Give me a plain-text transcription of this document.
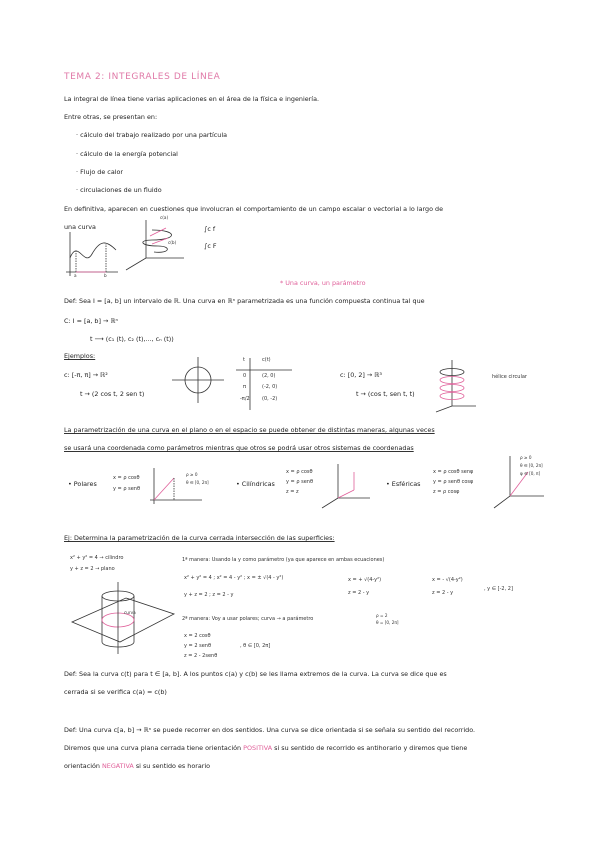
TEMA 2: INTEGRALES DE LÍNEA
La integral de línea tiene varias aplicaciones en el área de la física e ingeniería.
Entre otras, se presentan en:
· cálculo del trabajo realizado por una partícula
· cálculo de la energía potencial
· Flujo de calor
· circulaciones de un fluido
En definitiva, aparecen en cuestiones que involucran el comportamiento de un campo escalar o vectorial a lo largo de
una curva
a	b
c(a)
c(b)
∫c f
∫c F
* Una curva, un parámetro
Def: Sea I = [a, b] un intervalo de ℝ. Una curva en ℝⁿ parametrizada es una función compuesta continua tal que
C: I = [a, b] → ℝⁿ
t ⟶ (c₁ (t), c₂ (t),..., cₙ (t))
Ejemplos:
c: [-π, π] → ℝ²
t → (2 cos t, 2 sen t)
t	c(t)
0	(2, 0)
π	(-2, 0)
-π/2 (0, -2)
c: [0, 2] → ℝ³
t → (cos t, sen t, t)
hélice circular
La parametrización de una curva en el plano o en el espacio se puede obtener de distintas maneras, algunas veces
se usará una coordenada como parámetros mientras que otros se podrá usar otros sistemas de coordenadas
• Polares
x = ρ cosθ
y = ρ senθ
ρ ≥ 0
θ ∈ [0, 2π]	• Cilíndricas
x = ρ cosθ
y = ρ senθ
z = z
• Esféricas
x = ρ cosθ senφ
y = ρ senθ cosφ
z = ρ cosφ
ρ ≥ 0
θ ∈ [0, 2π]
φ ∈ [0, π]
Ej: Determina la parametrización de la curva cerrada intersección de las superficies:
x² + y² = 4 → cilindro
y + z = 2 → plano
curva
1ª manera: Usando la y como parámetro (ya que aparece en ambas ecuaciones)
x² + y² = 4 ; x² = 4 - y² ; x = ± √(4 - y²)
y + z = 2 ; z = 2 - y
x = + √(4-y²)
z = 2 - y
x = - √(4-y²)
z = 2 - y
, y ∈ [-2, 2]
2ª manera: Voy a usar polares; curva → a parámetro
ρ = 2
θ = [0, 2π]
x = 2 cosθ
y = 2 senθ
z = 2 - 2senθ
, θ ∈ [0, 2π]
Def: Sea la curva c(t) para t ∈ [a, b]. A los puntos c(a) y c(b) se les llama extremos de la curva. La curva se dice que es
cerrada si se verifica c(a) = c(b)
Def: Una curva c[a, b] → ℝⁿ se puede recorrer en dos sentidos. Una curva se dice orientada si se señala su sentido del recorrido.
Diremos que una curva plana cerrada tiene orientación POSITIVA si su sentido de recorrido es antihorario y diremos que tiene
orientación NEGATIVA si su sentido es horario
